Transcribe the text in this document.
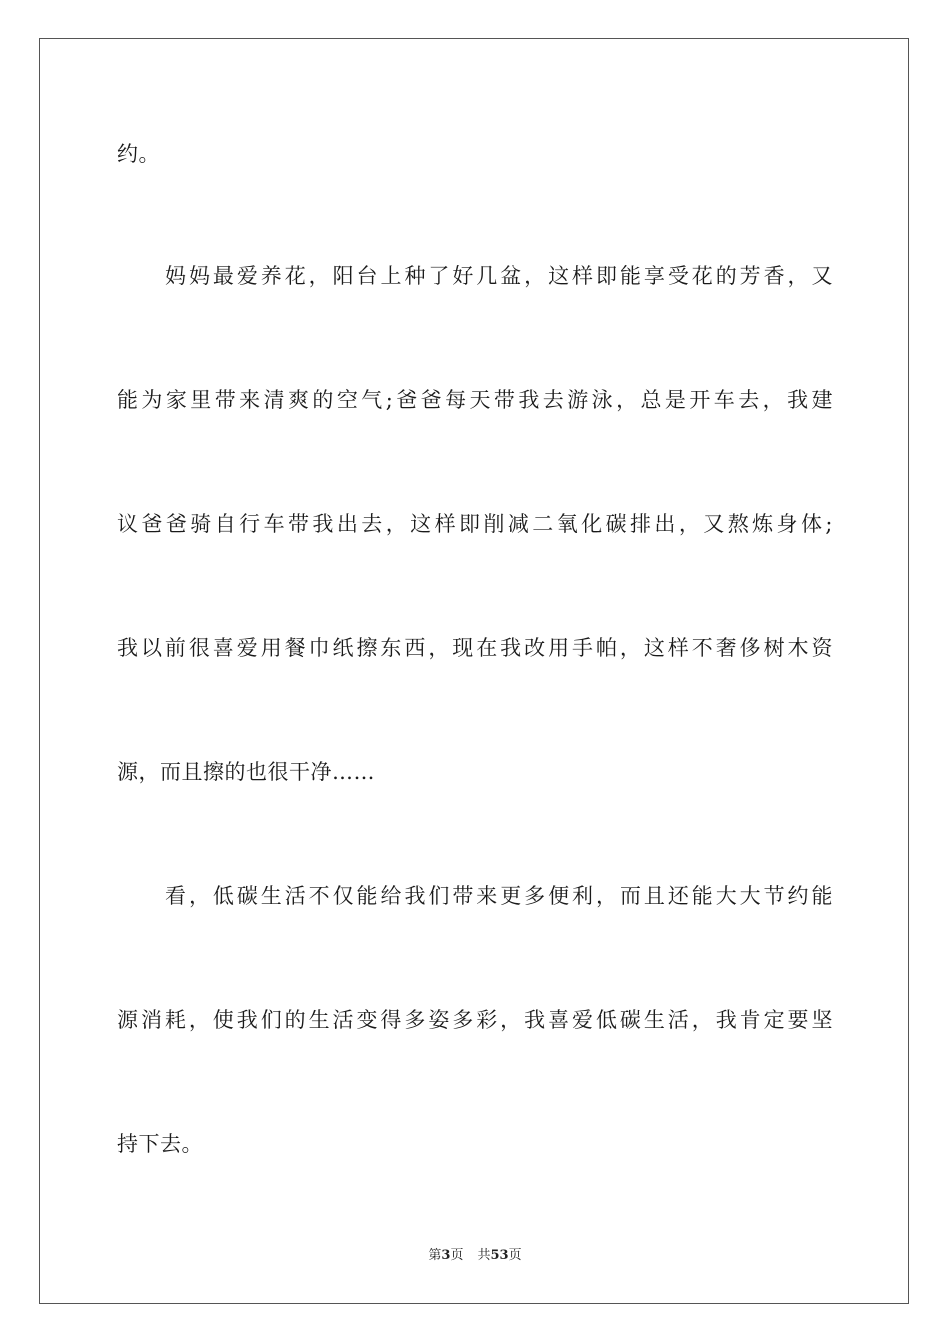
约。
妈妈最爱养花，阳台上种了好几盆，这样即能享受花的芳香，又
能为家里带来清爽的空气;爸爸每天带我去游泳，总是开车去，我建
议爸爸骑自行车带我出去，这样即削减二氧化碳排出，又熬炼身体;
我以前很喜爱用餐巾纸擦东西，现在我改用手帕，这样不奢侈树木资
源，而且擦的也很干净……
看，低碳生活不仅能给我们带来更多便利，而且还能大大节约能
源消耗，使我们的生活变得多姿多彩，我喜爱低碳生活，我肯定要坚
持下去。
第3页 共53页
